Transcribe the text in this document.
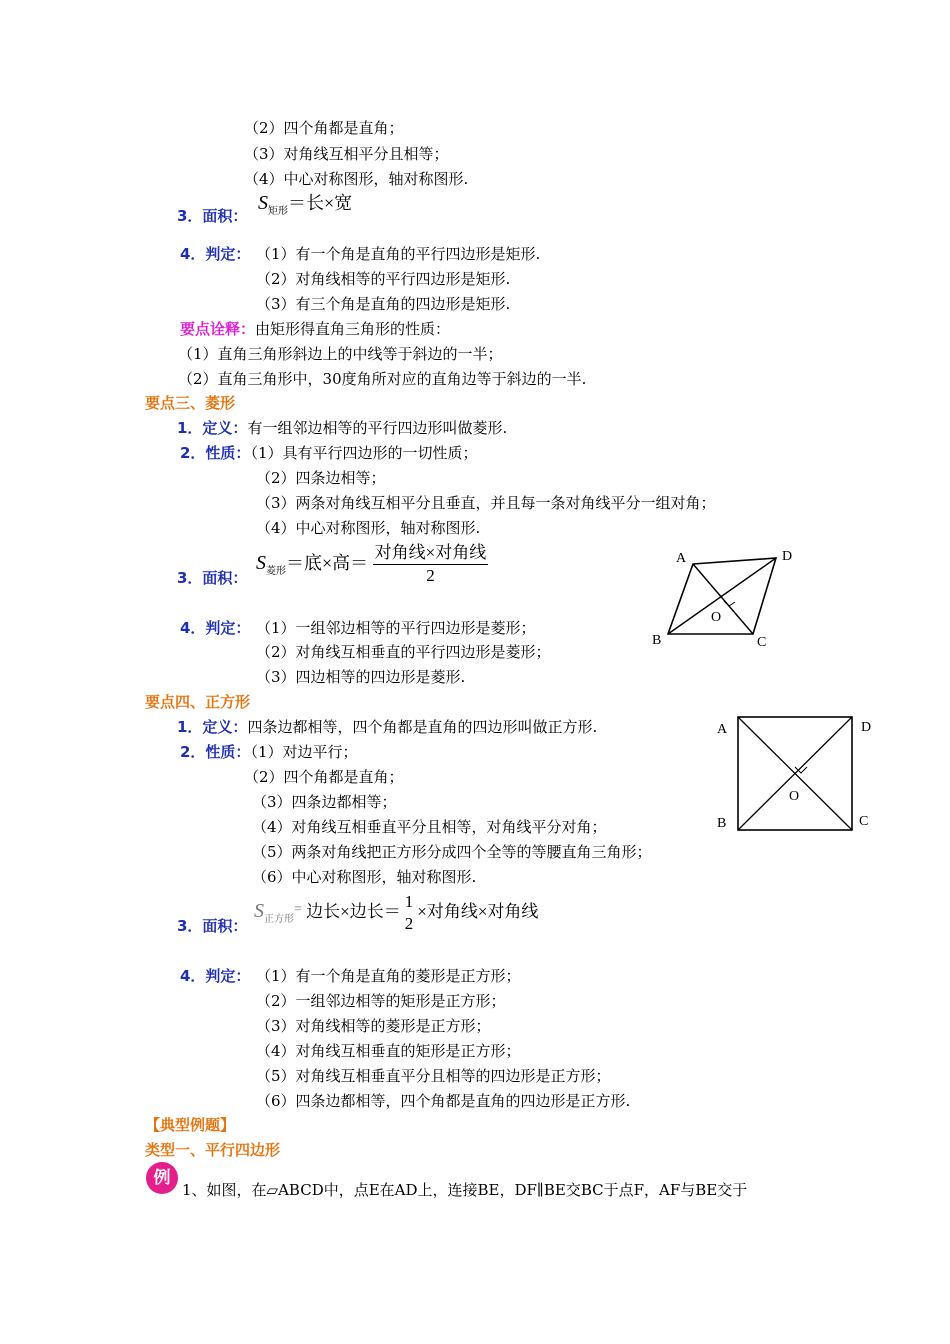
（2）四个角都是直角；
（3）对角线互相平分且相等；
（4）中心对称图形，轴对称图形.
3．面积：
$S_{矩形}=$长×宽
4．判定： （1）有一个角是直角的平行四边形是矩形.
（2）对角线相等的平行四边形是矩形.
（3）有三个角是直角的四边形是矩形.
要点诠释：由矩形得直角三角形的性质：
（1）直角三角形斜边上的中线等于斜边的一半；
（2）直角三角形中，30度角所对应的直角边等于斜边的一半.
要点三、菱形
1．定义：有一组邻边相等的平行四边形叫做菱形.
2．性质：（1）具有平行四边形的一切性质；
（2）四条边相等；
（3）两条对角线互相平分且垂直，并且每一条对角线平分一组对角；
（4）中心对称图形，轴对称图形.
3．面积：
$S_{菱形}=$底×高＝ $\frac{\text{对角线×对角线}}{2}$
4．判定： （1）一组邻边相等的平行四边形是菱形；
（2）对角线互相垂直的平行四边形是菱形；
（3）四边相等的四边形是菱形.
A	D
B	C
O
要点四、正方形
1．定义：四条边都相等，四个角都是直角的四边形叫做正方形.
2．性质：（1）对边平行；
（2）四个角都是直角；
（3）四条边都相等；
（4）对角线互相垂直平分且相等，对角线平分对角；
（5）两条对角线把正方形分成四个全等的等腰直角三角形；
（6）中心对称图形，轴对称图形.
3．面积：
$S_{正方形}^=$ 边长×边长＝
1
2
×对角线×对角线
4．判定： （1）有一个角是直角的菱形是正方形；
（2）一组邻边相等的矩形是正方形；
（3）对角线相等的菱形是正方形；
（4）对角线互相垂直的矩形是正方形；
（5）对角线互相垂直平分且相等的四边形是正方形；
（6）四条边都相等，四个角都是直角的四边形是正方形.
A	D
B	C
O
【典型例题】
类型一、平行四边形
例
1、如图，在▱ABCD中，点E在AD上，连接BE，DF∥BE交BC于点F，AF与BE交于
